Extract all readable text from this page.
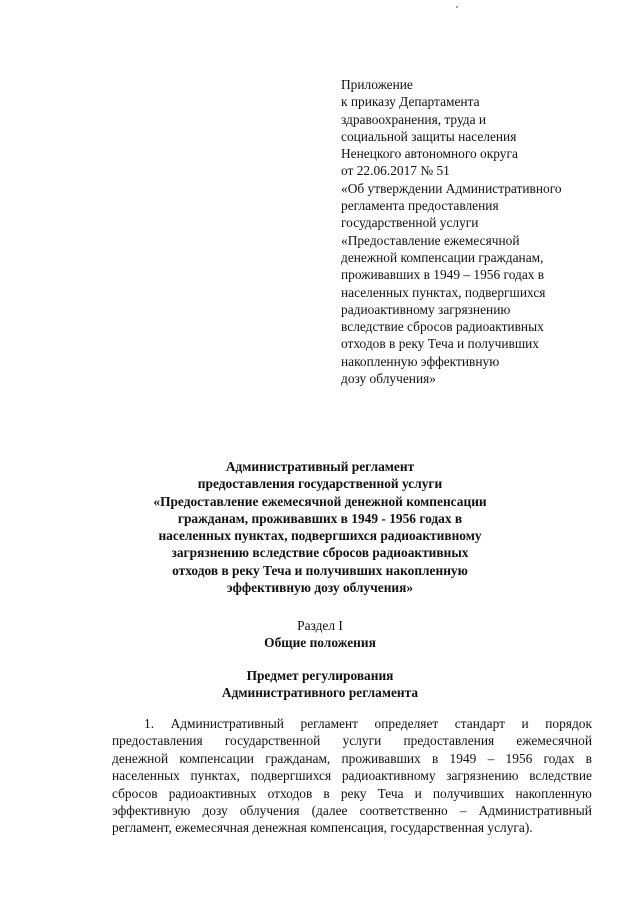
Приложение
к приказу Департамента
здравоохранения, труда и
социальной защиты населения
Ненецкого автономного округа
от 22.06.2017 № 51
«Об утверждении Административного
регламента предоставления
государственной услуги
«Предоставление ежемесячной
денежной компенсации гражданам,
проживавших в 1949 – 1956 годах в
населенных пунктах, подвергшихся
радиоактивному загрязнению
вследствие сбросов радиоактивных
отходов в реку Теча и получивших
накопленную эффективную
дозу облучения»
Административный регламент
предоставления государственной услуги
«Предоставление ежемесячной денежной компенсации
гражданам, проживавших в 1949 - 1956 годах в
населенных пунктах, подвергшихся радиоактивному
загрязнению вследствие сбросов радиоактивных
отходов в реку Теча и получивших накопленную
эффективную дозу облучения»
Раздел I
Общие положения
Предмет регулирования
Административного регламента
1. Административный регламент определяет стандарт и порядок
предоставления государственной услуги предоставления ежемесячной
денежной компенсации гражданам, проживавших в 1949 – 1956 годах в
населенных пунктах, подвергшихся радиоактивному загрязнению вследствие
сбросов радиоактивных отходов в реку Теча и получивших накопленную
эффективную дозу облучения (далее соответственно – Административный
регламент, ежемесячная денежная компенсация, государственная услуга).
